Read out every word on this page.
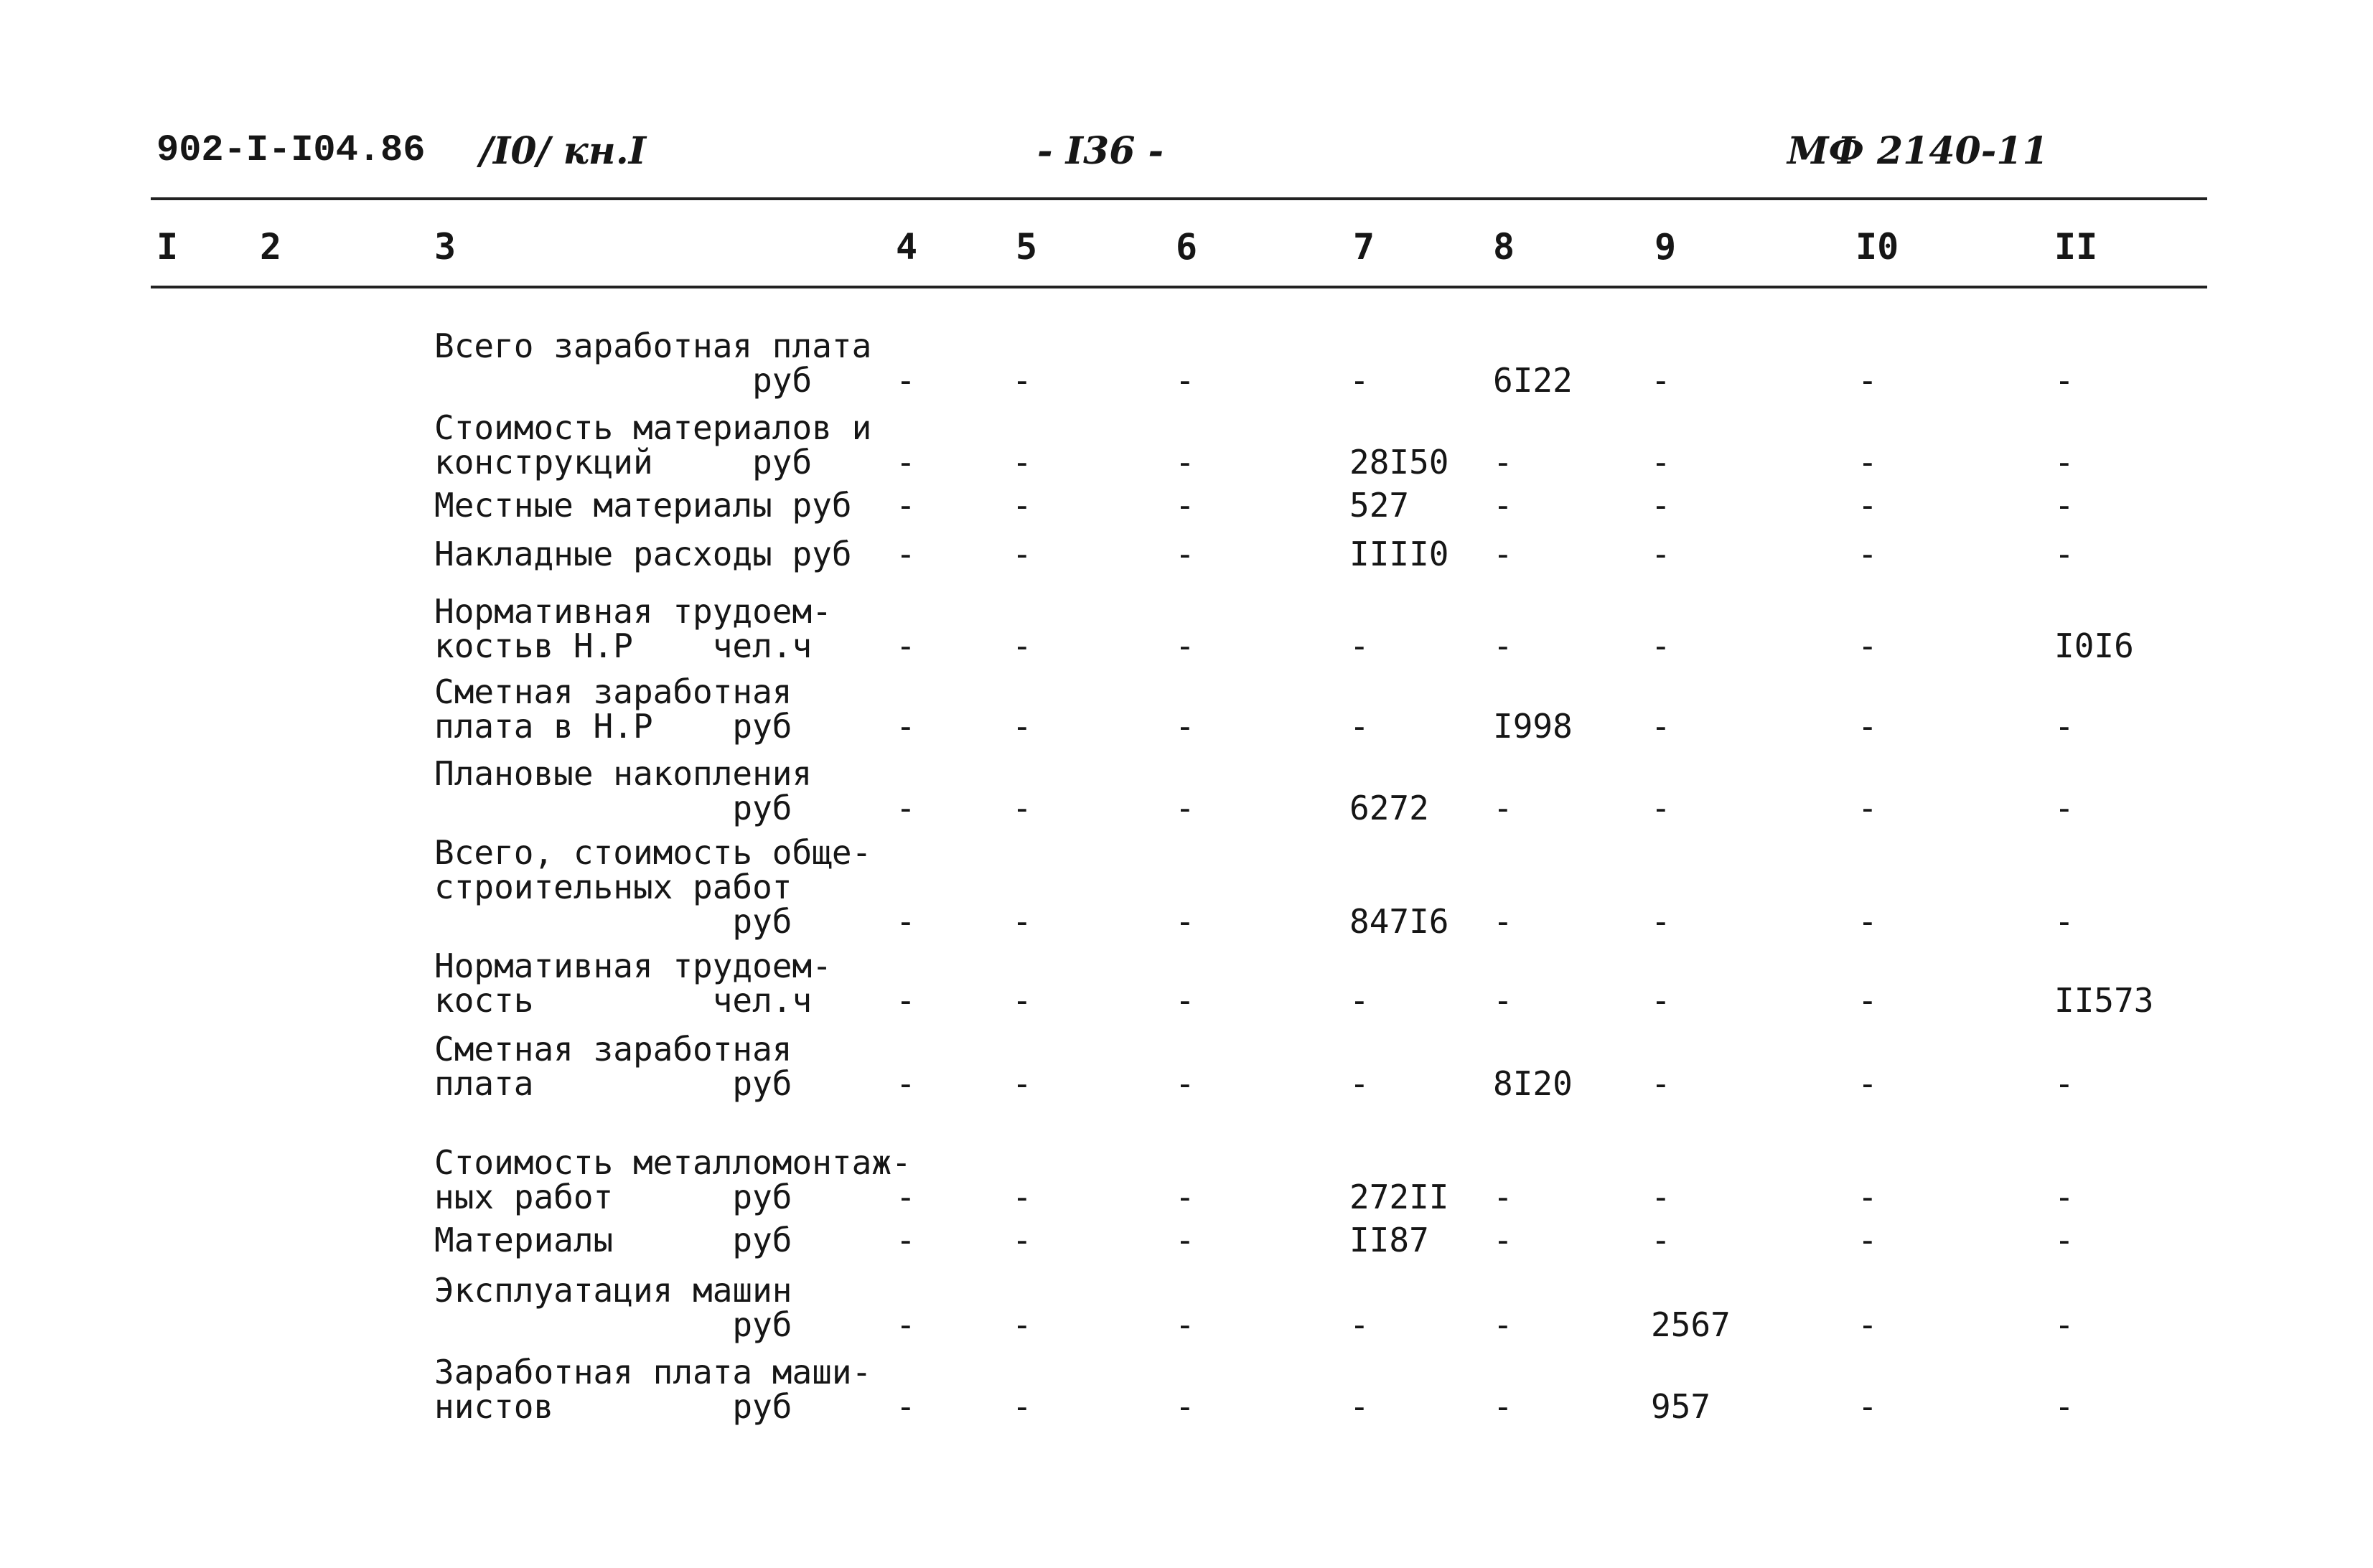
902-I-I04.86 /I0/ кн.I	- I36 -	МФ 2140-11
I 2	3	4	5	6	7	8	9	I0	II
Всего заработная плата
руб	-	-	-	-	6I22 -	-	-
Стоимость материалов и
конструкций     руб	-	-	-	28I50 -	-	-	-
Местные материалы руб -	-	-	527	-	-	-	-
Накладные расходы руб -	-	-	IIII0 -	-	-	-
Нормативная трудоем-
костьв Н.Р    чел.ч	-	-	-	-	-	-	-	I0I6
Сметная заработная
плата в Н.Р    руб	-	-	-	-	I998 -	-	-
Плановые накопления
руб	-	-	-	6272 -	-	-	-
Всего, стоимость обще-
строительных работ
руб	-	-	-	847I6 -	-	-	-
Нормативная трудоем-
кость         чел.ч	-	-	-	-	-	-	-	II573
Сметная заработная
плата          руб	-	-	-	-	8I20 -	-	-
Стоимость металломонтаж-
ных работ      руб	-	-	-	272II -	-	-	-
Материалы      руб	-	-	-	II87 -	-	-	-
Эксплуатация машин
руб	-	-	-	-	-	2567	-	-
Заработная плата маши-
нистов         руб	-	-	-	-	-	957	-	-
